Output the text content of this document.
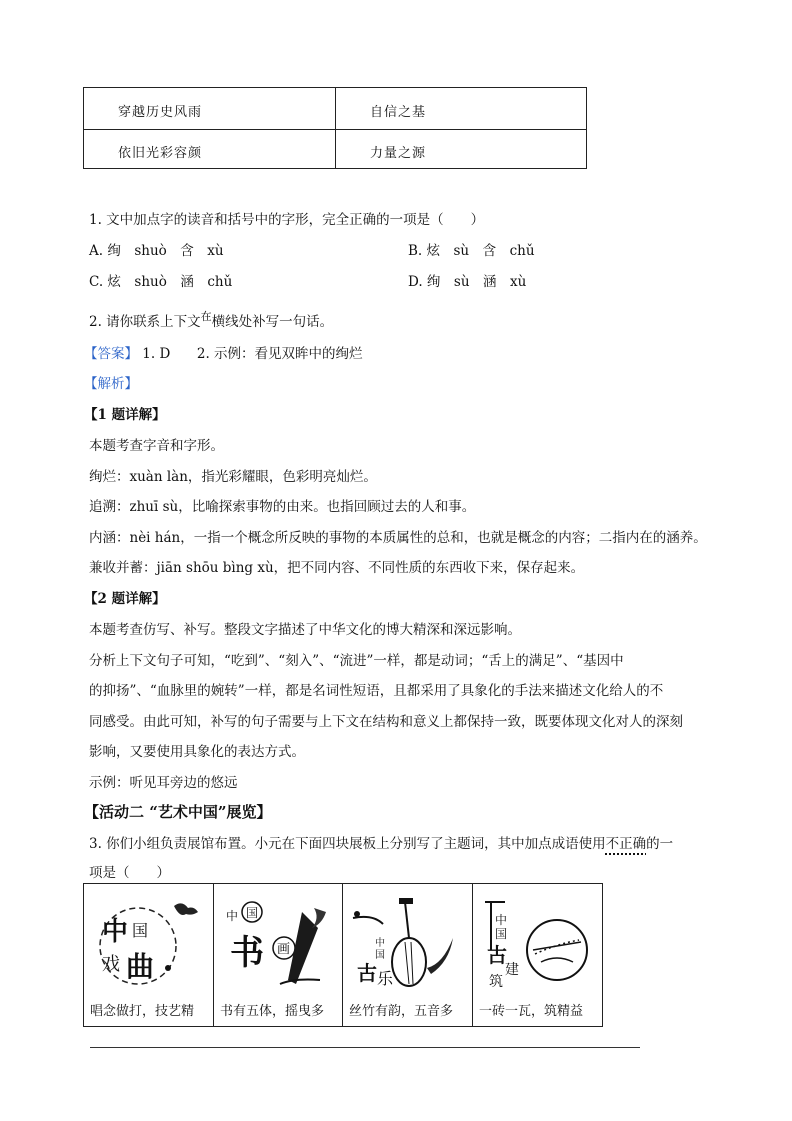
穿越历史风雨	自信之基
依旧光彩容颜	力量之源
1. 文中加点字的读音和括号中的字形，完全正确的一项是（　　）
A. 绚　shuò　含　xù	B. 炫　sù　含　chǔ
C. 炫　shuò　涵　chǔ	D. 绚　sù　涵　xù
2. 请你联系上下文$^在$横线处补写一句话。
【答案】 1. D 2. 示例：看见双眸中的绚烂
【解析】
【1 题详解】
本题考查字音和字形。
绚烂：xuàn làn，指光彩耀眼，色彩明亮灿烂。
追溯：zhuī sù，比喻探索事物的由来。也指回顾过去的人和事。
内涵：nèi hán，一指一个概念所反映的事物的本质属性的总和，也就是概念的内容；二指内在的涵养。
兼收并蓄：jiān shōu bìng xù，把不同内容、不同性质的东西收下来，保存起来。
【2 题详解】
本题考查仿写、补写。整段文字描述了中华文化的博大精深和深远影响。
分析上下文句子可知，“吃到”、“刻入”、“流进”一样，都是动词；“舌上的满足”、“基因中
的抑扬”、“血脉里的婉转”一样，都是名词性短语，且都采用了具象化的手法来描述文化给人的不
同感受。由此可知，补写的句子需要与上下文在结构和意义上都保持一致，既要体现文化对人的深刻
影响，又要使用具象化的表达方式。
示例：听见耳旁边的悠远
【活动二 “艺术中国”展览】
3. 你们小组负责展馆布置。小元在下面四块展板上分别写了主题词，其中加点成语使用不正确的一
项是（　　）
中 国
戏 曲
唱念做打，技艺精
中 国
书 画
书有五体，摇曳多
古 乐
中
国
丝竹有韵，五音多
中
国
古
建
筑
一砖一瓦，筑精益
